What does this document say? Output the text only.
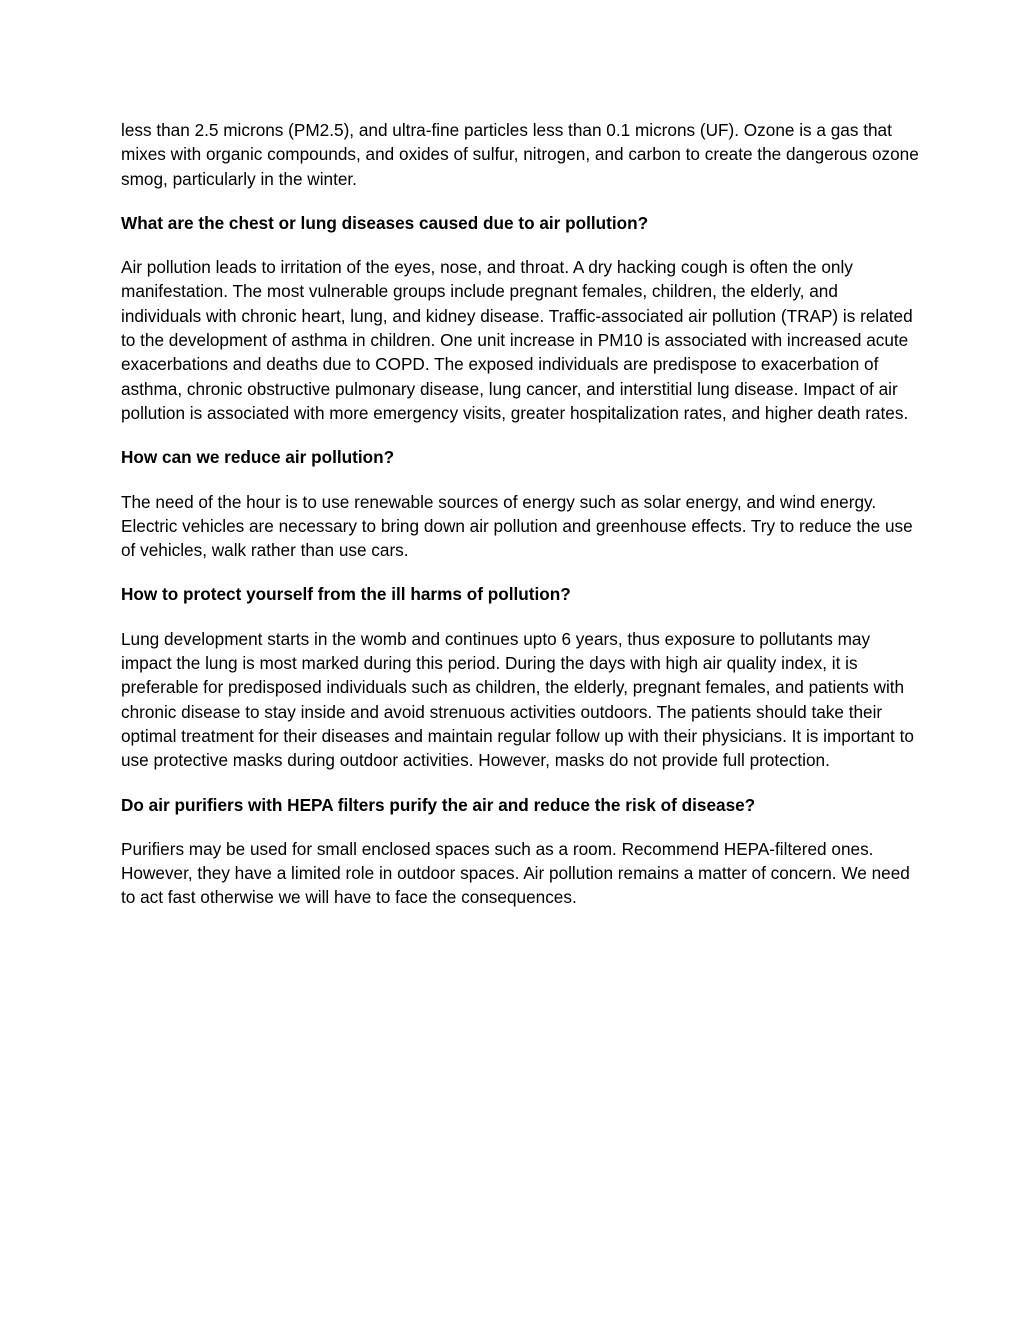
less than 2.5 microns (PM2.5), and ultra-fine particles less than 0.1 microns (UF). Ozone is a gas that mixes with organic compounds, and oxides of sulfur, nitrogen, and carbon to create the dangerous ozone smog, particularly in the winter.

What are the chest or lung diseases caused due to air pollution?

Air pollution leads to irritation of the eyes, nose, and throat. A dry hacking cough is often the only manifestation. The most vulnerable groups include pregnant females, children, the elderly, and individuals with chronic heart, lung, and kidney disease. Traffic-associated air pollution (TRAP) is related to the development of asthma in children. One unit increase in PM10 is associated with increased acute exacerbations and deaths due to COPD. The exposed individuals are predispose to exacerbation of asthma, chronic obstructive pulmonary disease, lung cancer, and interstitial lung disease. Impact of air pollution is associated with more emergency visits, greater hospitalization rates, and higher death rates.

How can we reduce air pollution?

The need of the hour is to use renewable sources of energy such as solar energy, and wind energy. Electric vehicles are necessary to bring down air pollution and greenhouse effects. Try to reduce the use of vehicles, walk rather than use cars.

How to protect yourself from the ill harms of pollution?

Lung development starts in the womb and continues upto 6 years, thus exposure to pollutants may impact the lung is most marked during this period. During the days with high air quality index, it is preferable for predisposed individuals such as children, the elderly, pregnant females, and patients with chronic disease to stay inside and avoid strenuous activities outdoors. The patients should take their optimal treatment for their diseases and maintain regular follow up with their physicians. It is important to use protective masks during outdoor activities. However, masks do not provide full protection.

Do air purifiers with HEPA filters purify the air and reduce the risk of disease?

Purifiers may be used for small enclosed spaces such as a room. Recommend HEPA-filtered ones. However, they have a limited role in outdoor spaces. Air pollution remains a matter of concern. We need to act fast otherwise we will have to face the consequences.
